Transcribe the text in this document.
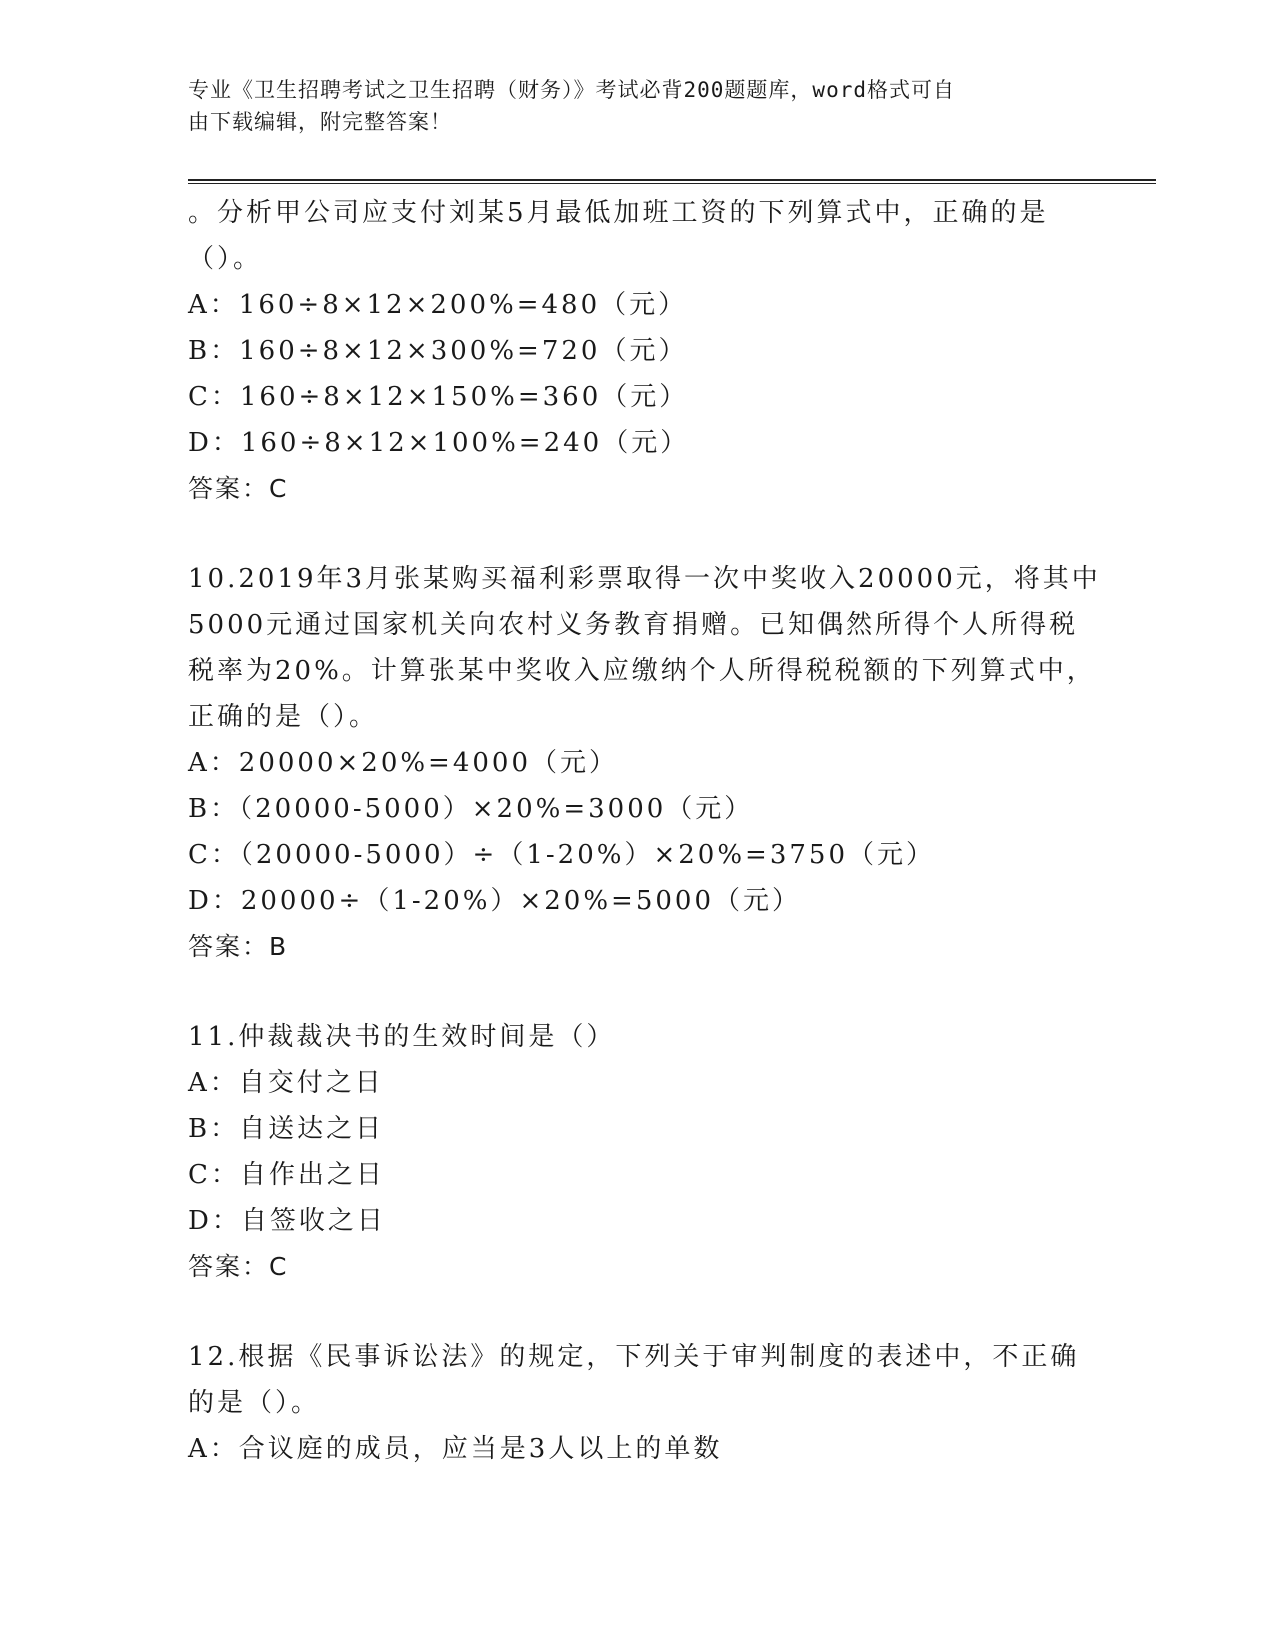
专业《卫生招聘考试之卫生招聘（财务）》考试必背200题题库，word格式可自
由下载编辑，附完整答案！
。分析甲公司应支付刘某5月最低加班工资的下列算式中，正确的是
（）。
A：160÷8×12×200%=480（元）
B：160÷8×12×300%=720（元）
C：160÷8×12×150%=360（元）
D：160÷8×12×100%=240（元）
答案：C
10.2019年3月张某购买福利彩票取得一次中奖收入20000元，将其中
5000元通过国家机关向农村义务教育捐赠。已知偶然所得个人所得税
税率为20%。计算张某中奖收入应缴纳个人所得税税额的下列算式中，
正确的是（）。
A：20000×20%=4000（元）
B：（20000-5000）×20%=3000（元）
C：（20000-5000）÷（1-20%）×20%=3750（元）
D：20000÷（1-20%）×20%=5000（元）
答案：B
11.仲裁裁决书的生效时间是（）
A：自交付之日
B：自送达之日
C：自作出之日
D：自签收之日
答案：C
12.根据《民事诉讼法》的规定，下列关于审判制度的表述中，不正确
的是（）。
A：合议庭的成员，应当是3人以上的单数
